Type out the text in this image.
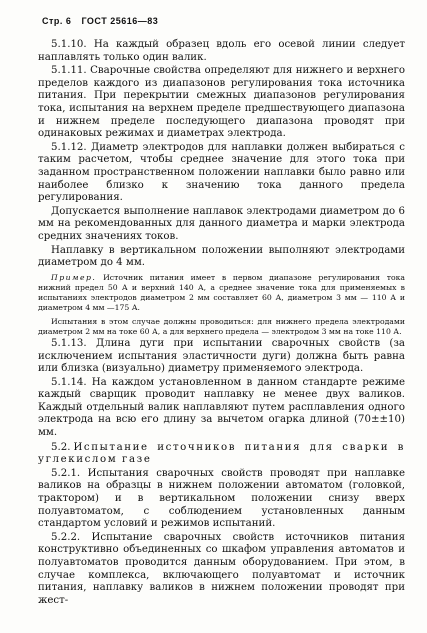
Стр. 6 ГОСТ 25616—83

5.1.10. На каждый образец вдоль его осевой линии следует наплавлять только один валик.

5.1.11. Сварочные свойства определяют для нижнего и верхнего пределов каждого из диапазонов регулирования тока источника питания. При перекрытии смежных диапазонов регулирования тока, испытания на верхнем пределе предшествующего диапазона и нижнем пределе последующего диапазона проводят при одинаковых режимах и диаметрах электрода.

5.1.12. Диаметр электродов для наплавки должен выбираться с таким расчетом, чтобы среднее значение для этого тока при заданном пространственном положении наплавки было равно или наиболее близко к значению тока данного предела регулирования.

Допускается выполнение наплавок электродами диаметром до 6 мм на рекомендованных для данного диаметра и марки электрода средних значениях токов.

Наплавку в вертикальном положении выполняют электродами диаметром до 4 мм.

Пример. Источник питания имеет в первом диапазоне регулирования тока нижний предел 50 А и верхний 140 А, а среднее значение тока для применяемых в испытаниях электродов диаметром 2 мм составляет 60 А, диаметром 3 мм — 110 А и диаметром 4 мм —175 А.

Испытания в этом случае должны проводиться: для нижнего предела электродами диаметром 2 мм на токе 60 А, а для верхнего предела — электродом 3 мм на токе 110 А.

5.1.13. Длина дуги при испытании сварочных свойств (за исключением испытания эластичности дуги) должна быть равна или близка (визуально) диаметру применяемого электрода.

5.1.14. На каждом установленном в данном стандарте режиме каждый сварщик проводит наплавку не менее двух валиков. Каждый отдельный валик наплавляют путем расплавления одного электрода на всю его длину за вычетом огарка длиной (70±±10) мм.

5.2. Испытание источников питания для сварки в углекислом газе

5.2.1. Испытания сварочных свойств проводят при наплавке валиков на образцы в нижнем положении автоматом (головкой, трактором) и в вертикальном положении снизу вверх полуавтоматом, с соблюдением установленных данным стандартом условий и режимов испытаний.

5.2.2. Испытание сварочных свойств источников питания конструктивно объединенных со шкафом управления автоматов и полуавтоматов проводится данным оборудованием. При этом, в случае комплекса, включающего полуавтомат и источник питания, наплавку валиков в нижнем положении проводят при жест-
